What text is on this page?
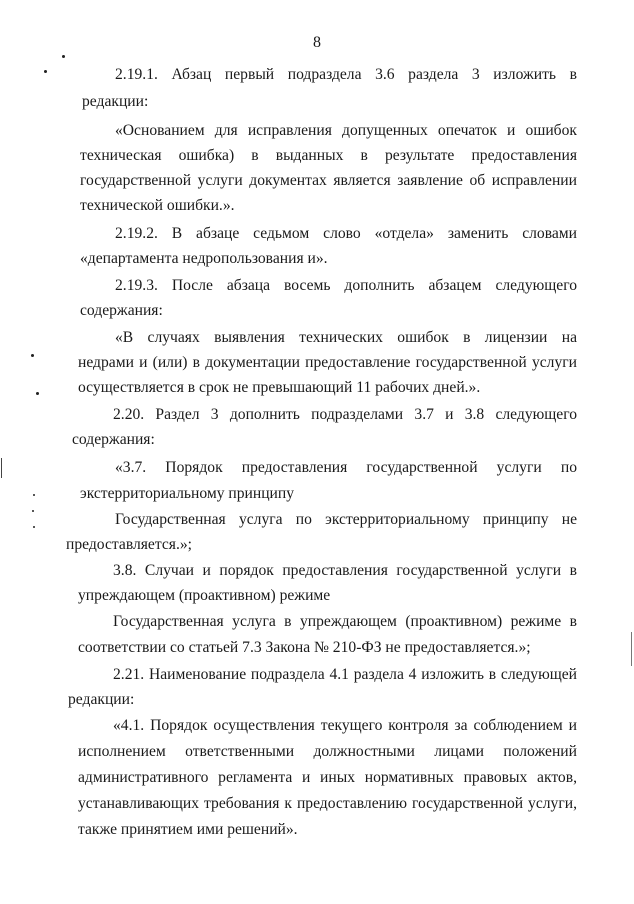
8
2.19.1. Абзац первый подраздела 3.6 раздела 3 изложить в
редакции:
«Основанием для исправления допущенных опечаток и ошибок
техническая ошибка) в выданных в результате предоставления
государственной услуги документах является заявление об исправлении
технической ошибки.».
2.19.2. В абзаце седьмом слово «отдела» заменить словами
«департамента недропользования и».
2.19.3. После абзаца восемь дополнить абзацем следующего
содержания:
«В случаях выявления технических ошибок в лицензии на
недрами и (или) в документации предоставление государственной услуги
осуществляется в срок не превышающий 11 рабочих дней.».
2.20. Раздел 3 дополнить подразделами 3.7 и 3.8 следующего
содержания:
«3.7. Порядок предоставления государственной услуги по
экстерриториальному принципу
Государственная услуга по экстерриториальному принципу не
предоставляется.»;
3.8. Случаи и порядок предоставления государственной услуги в
упреждающем (проактивном) режиме
Государственная услуга в упреждающем (проактивном) режиме в
соответствии со статьей 7.3 Закона № 210-ФЗ не предоставляется.»;
2.21. Наименование подраздела 4.1 раздела 4 изложить в следующей
редакции:
«4.1. Порядок осуществления текущего контроля за соблюдением и
исполнением ответственными должностными лицами положений
административного регламента и иных нормативных правовых актов,
устанавливающих требования к предоставлению государственной услуги,
также принятием ими решений».
